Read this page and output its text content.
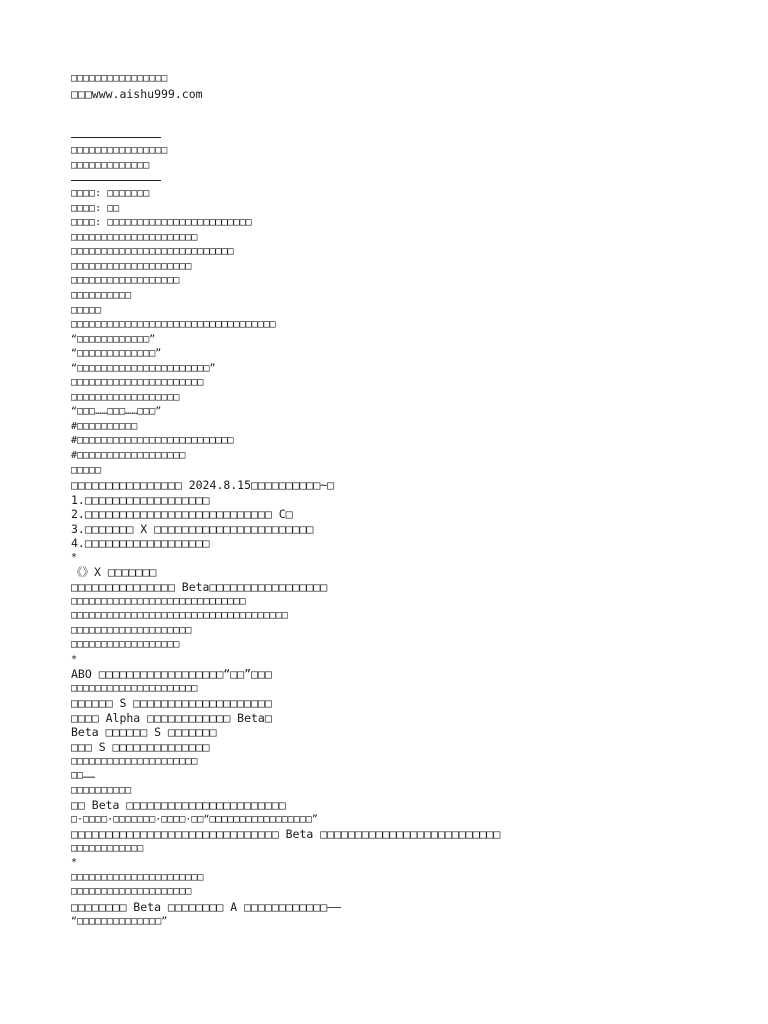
□□□□□□□□□□□□□□□□
□□□www.aishu999.com
□□□□□□□□□□□□□□□□
□□□□□□□□□□□□□
□□□□: □□□□□□□
□□□□: □□
□□□□: □□□□□□□□□□□□□□□□□□□□□□□□
□□□□□□□□□□□□□□□□□□□□□
□□□□□□□□□□□□□□□□□□□□□□□□□□□
□□□□□□□□□□□□□□□□□□□□
□□□□□□□□□□□□□□□□□□
□□□□□□□□□□
□□□□□
□□□□□□□□□□□□□□□□□□□□□□□□□□□□□□□□□□
“□□□□□□□□□□□□”
“□□□□□□□□□□□□□”
“□□□□□□□□□□□□□□□□□□□□□□”
□□□□□□□□□□□□□□□□□□□□□□
□□□□□□□□□□□□□□□□□□
“□□□……□□□……□□□”
#□□□□□□□□□□
#□□□□□□□□□□□□□□□□□□□□□□□□□□
#□□□□□□□□□□□□□□□□□□
□□□□□
□□□□□□□□□□□□□□□□ 2024.8.15□□□□□□□□□□~□
1.□□□□□□□□□□□□□□□□□□
2.□□□□□□□□□□□□□□□□□□□□□□□□□□□ C□
3.□□□□□□□ X □□□□□□□□□□□□□□□□□□□□□□□
4.□□□□□□□□□□□□□□□□□□
*
《》X □□□□□□□
□□□□□□□□□□□□□□□ Beta□□□□□□□□□□□□□□□□□
□□□□□□□□□□□□□□□□□□□□□□□□□□□□□
□□□□□□□□□□□□□□□□□□□□□□□□□□□□□□□□□□□□
□□□□□□□□□□□□□□□□□□□□
□□□□□□□□□□□□□□□□□□
*
ABO □□□□□□□□□□□□□□□□□□“□□”□□□
□□□□□□□□□□□□□□□□□□□□□
□□□□□□ S □□□□□□□□□□□□□□□□□□□□
□□□□ Alpha □□□□□□□□□□□□ Beta□
Beta □□□□□□ S □□□□□□□
□□□ S □□□□□□□□□□□□□□
□□□□□□□□□□□□□□□□□□□□□
□□……
□□□□□□□□□□
□□ Beta □□□□□□□□□□□□□□□□□□□□□□□
□·□□□□·□□□□□□□·□□□□·□□“□□□□□□□□□□□□□□□□□”
□□□□□□□□□□□□□□□□□□□□□□□□□□□□□□ Beta □□□□□□□□□□□□□□□□□□□□□□□□□□
□□□□□□□□□□□□
*
□□□□□□□□□□□□□□□□□□□□□□
□□□□□□□□□□□□□□□□□□□□
□□□□□□□□ Beta □□□□□□□□ A □□□□□□□□□□□□——
“□□□□□□□□□□□□□□”
